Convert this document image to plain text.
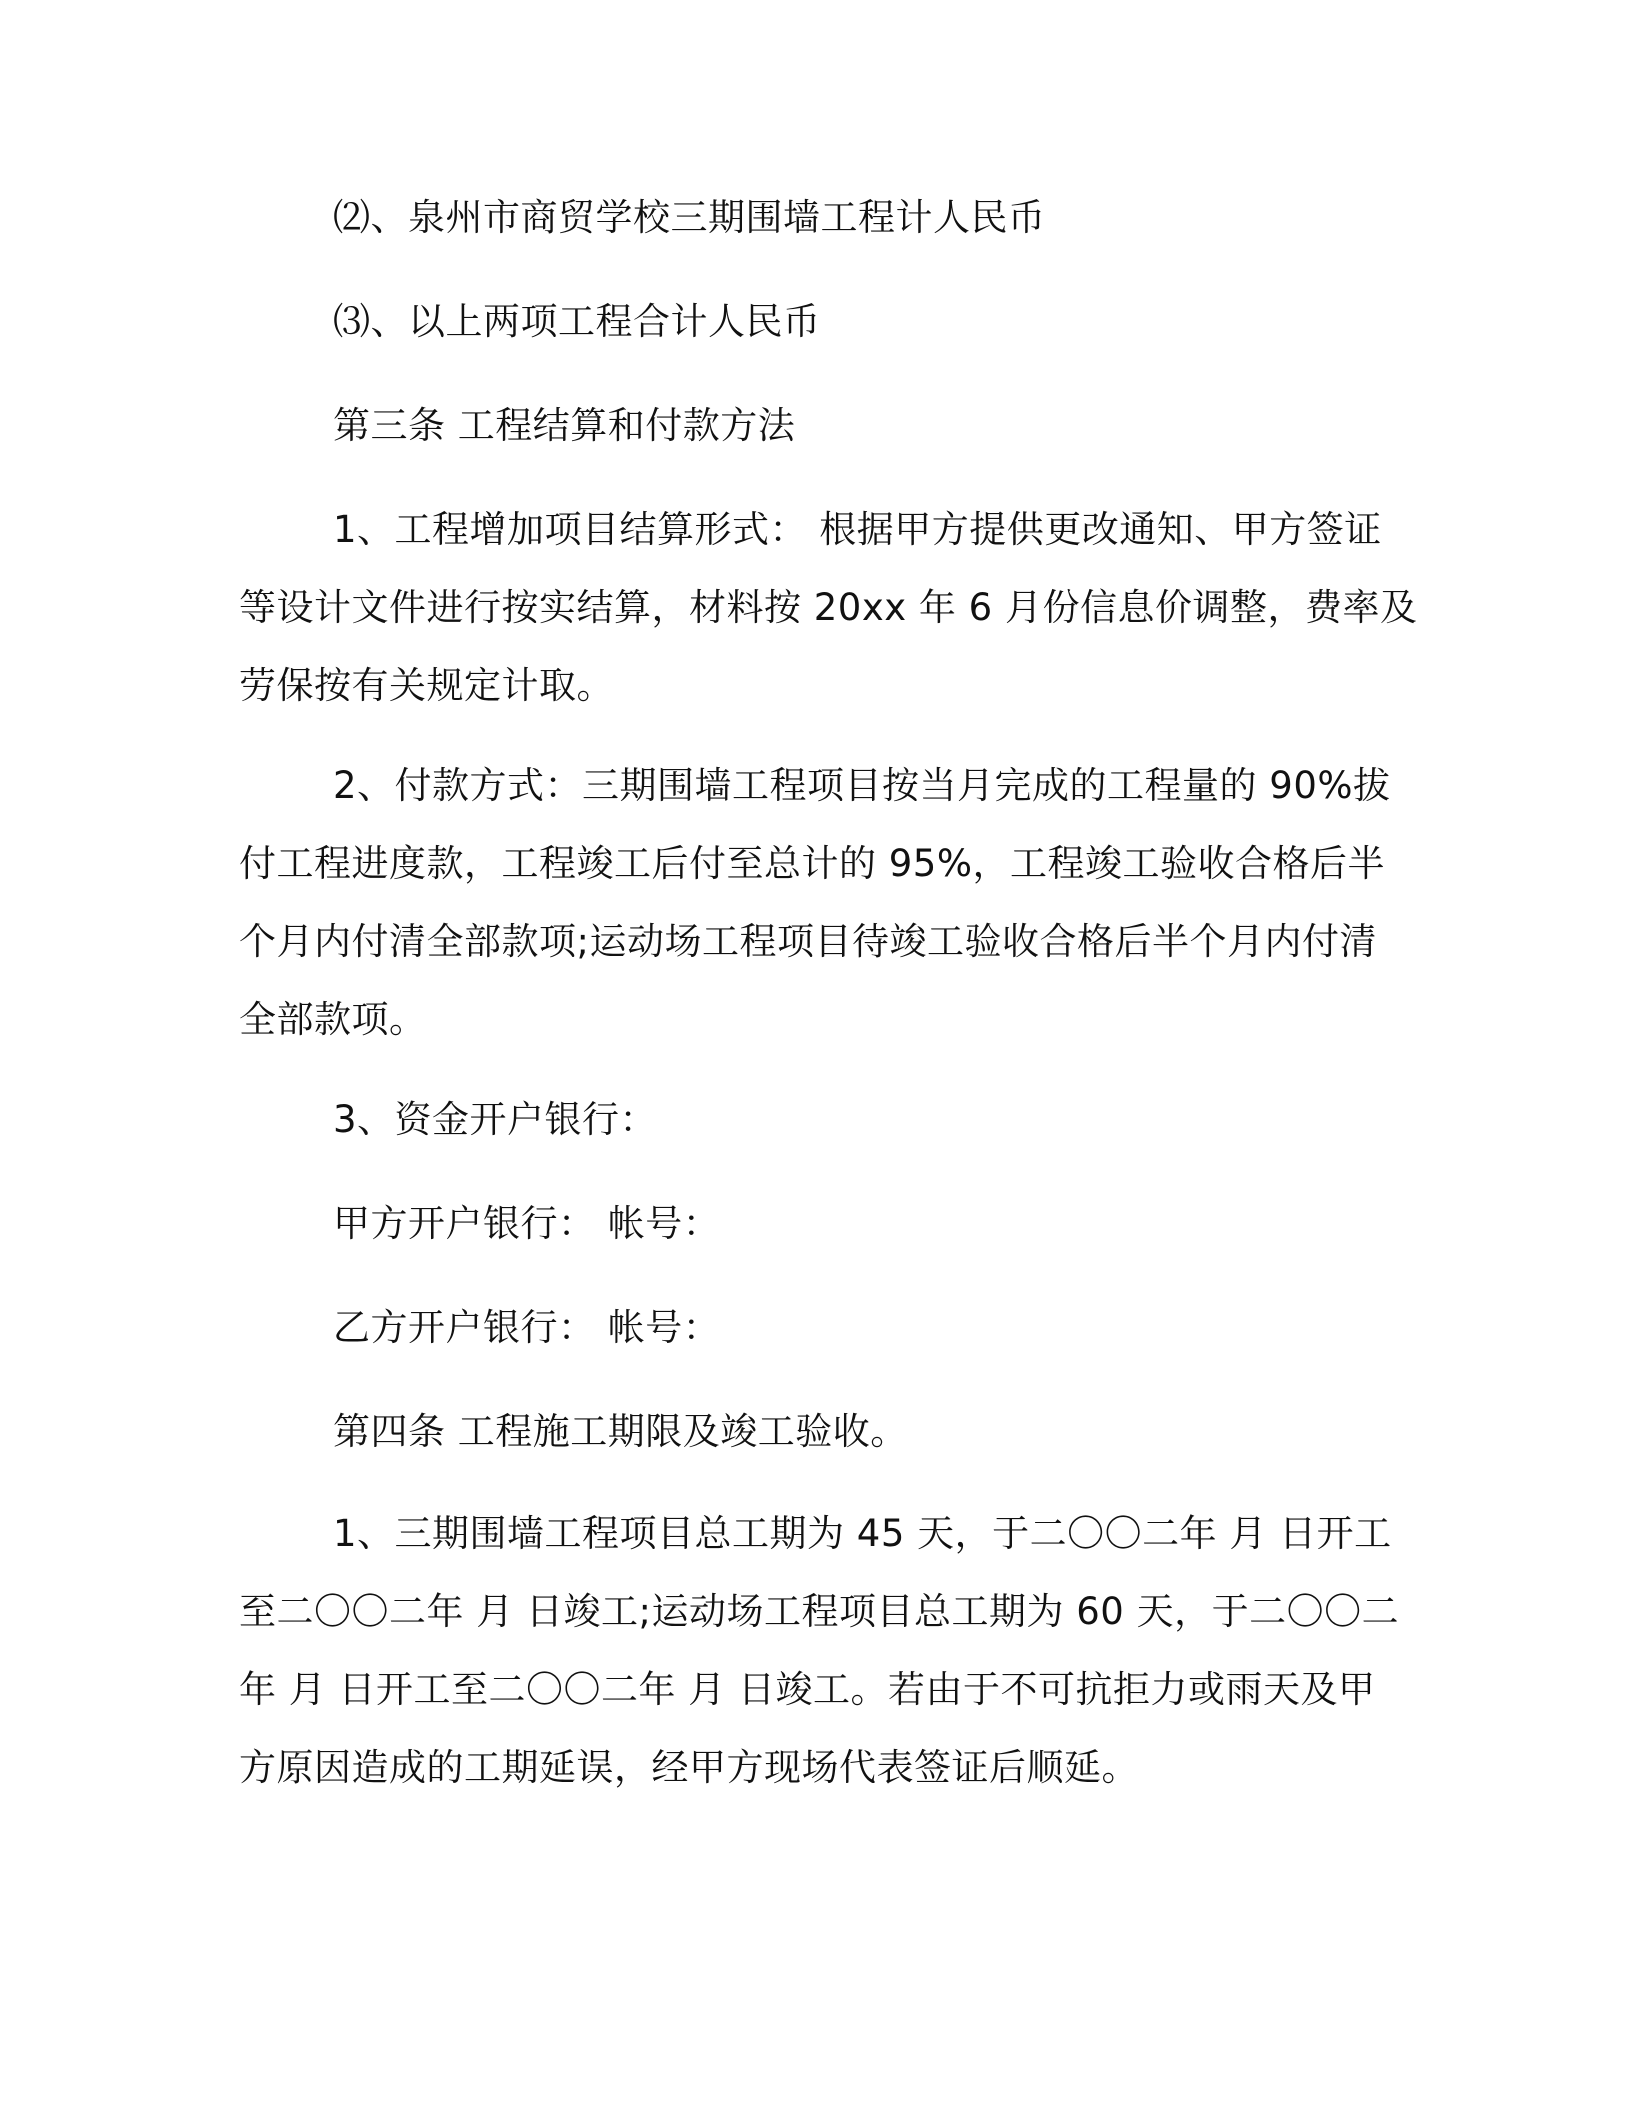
⑵、泉州市商贸学校三期围墙工程计人民币
⑶、以上两项工程合计人民币
第三条 工程结算和付款方法
1、工程增加项目结算形式： 根据甲方提供更改通知、甲方签证
等设计文件进行按实结算，材料按 20xx 年 6 月份信息价调整，费率及
劳保按有关规定计取。
2、付款方式：三期围墙工程项目按当月完成的工程量的 90%拔
付工程进度款，工程竣工后付至总计的 95%，工程竣工验收合格后半
个月内付清全部款项;运动场工程项目待竣工验收合格后半个月内付清
全部款项。
3、资金开户银行：
甲方开户银行： 帐号：
乙方开户银行： 帐号：
第四条 工程施工期限及竣工验收。
1、三期围墙工程项目总工期为 45 天，于二〇〇二年 月 日开工
至二〇〇二年 月 日竣工;运动场工程项目总工期为 60 天，于二〇〇二
年 月 日开工至二〇〇二年 月 日竣工。若由于不可抗拒力或雨天及甲
方原因造成的工期延误，经甲方现场代表签证后顺延。
